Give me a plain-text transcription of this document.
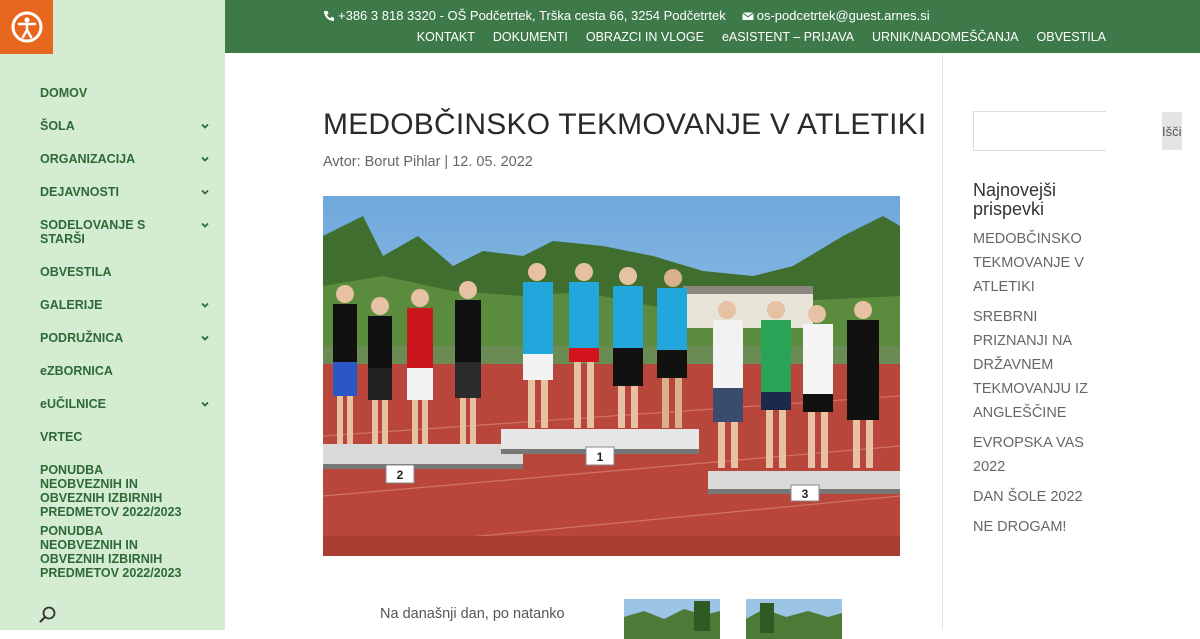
DOMOV
ŠOLA
ORGANIZACIJA
DEJAVNOSTI
SODELOVANJE S STARŠI
OBVESTILA
GALERIJE
PODRUŽNICA
eZBORNICA
eUČILNICE
VRTEC
PONUDBA NEOBVEZNIH IN OBVEZNIH IZBIRNIH PREDMETOV 2022/2023
PONUDBA NEOBVEZNIH IN OBVEZNIH IZBIRNIH PREDMETOV 2022/2023
+386 3 818 3320 - OŠ Podčetrtek, Trška cesta 66, 3254 Podčetrtek os-podcetrtek@guest.arnes.si
KONTAKT DOKUMENTI OBRAZCI IN VLOGE eASISTENT – PRIJAVA URNIK/NADOMEŠČANJA OBVESTILA
MEDOBČINSKO TEKMOVANJE V ATLETIKI
Avtor: Borut Pihlar | 12. 05. 2022
2
1
3
Na današnji dan, po natanko
Išči
Najnovejši prispevki
MEDOBČINSKO TEKMOVANJE V ATLETIKI
SREBRNI PRIZNANJI NA DRŽAVNEM TEKMOVANJU IZ ANGLEŠČINE
EVROPSKA VAS 2022
DAN ŠOLE 2022
NE DROGAM!
